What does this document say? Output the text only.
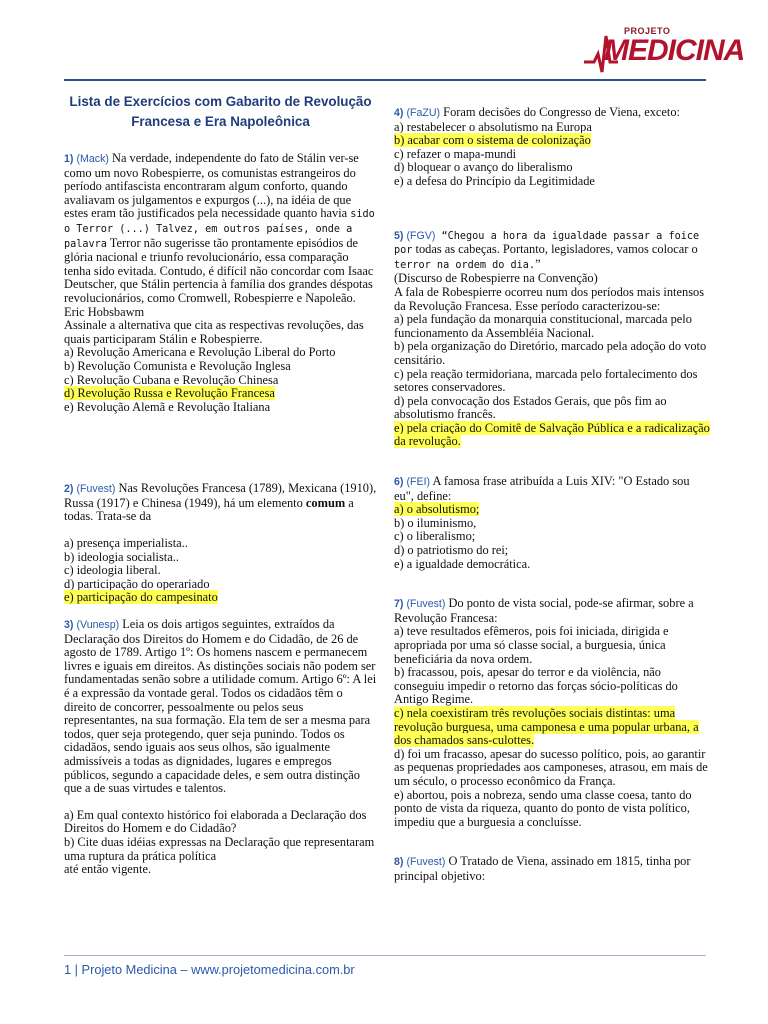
PROJETO
MEDICINA
Lista de Exercícios com Gabarito de Revolução Francesa e Era Napoleônica

1) (Mack) Na verdade, independente do fato de Stálin ver-se como um novo Robespierre, os comunistas estrangeiros do período antifascista encontraram algum conforto, quando avaliavam os julgamentos e expurgos (...), na idéia de que estes eram tão justificados pela necessidade quanto havia sido o Terror (...) Talvez, em outros países, onde a palavra Terror não sugerisse tão prontamente episódios de glória nacional e triunfo revolucionário, essa comparação tenha sido evitada. Contudo, é difícil não concordar com Isaac Deutscher, que Stálin pertencia à família dos grandes déspotas revolucionários, como Cromwell, Robespierre e Napoleão.

Eric Hobsbawm

Assinale a alternativa que cita as respectivas revoluções, das quais participaram Stálin e Robespierre.

a) Revolução Americana e Revolução Liberal do Porto

b) Revolução Comunista e Revolução Inglesa

c) Revolução Cubana e Revolução Chinesa

d) Revolução Russa e Revolução Francesa

e) Revolução Alemã e Revolução Italiana

2) (Fuvest) Nas Revoluções Francesa (1789), Mexicana (1910), Russa (1917) e Chinesa (1949), há um elemento comum a todas. Trata-se da

a) presença imperialista..

b) ideologia socialista..

c) ideologia liberal.

d) participação do operariado

e) participação do campesinato

3) (Vunesp) Leia os dois artigos seguintes, extraídos da Declaração dos Direitos do Homem e do Cidadão, de 26 de agosto de 1789. Artigo 1º: Os homens nascem e permanecem livres e iguais em direitos. As distinções sociais não podem ser fundamentadas senão sobre a utilidade comum. Artigo 6º: A lei é a expressão da vontade geral. Todos os cidadãos têm o direito de concorrer, pessoalmente ou pelos seus representantes, na sua formação. Ela tem de ser a mesma para todos, quer seja protegendo, quer seja punindo. Todos os cidadãos, sendo iguais aos seus olhos, são igualmente admissíveis a todas as dignidades, lugares e empregos públicos, segundo a capacidade deles, e sem outra distinção que a de suas virtudes e talentos.

a) Em qual contexto histórico foi elaborada a Declaração dos Direitos do Homem e do Cidadão?

b) Cite duas idéias expressas na Declaração que representaram uma ruptura da prática política

até então vigente.

4) (FaZU) Foram decisões do Congresso de Viena, exceto:

a) restabelecer o absolutismo na Europa

b) acabar com o sistema de colonização

c) refazer o mapa-mundi

d) bloquear o avanço do liberalismo

e) a defesa do Princípio da Legitimidade

5) (FGV) “Chegou a hora da igualdade passar a foice por todas as cabeças. Portanto, legisladores, vamos colocar o terror na ordem do dia.”

(Discurso de Robespierre na Convenção)

A fala de Robespierre ocorreu num dos períodos mais intensos da Revolução Francesa. Esse período caracterizou-se:

a) pela fundação da monarquia constitucional, marcada pelo funcionamento da Assembléia Nacional.

b) pela organização do Diretório, marcado pela adoção do voto censitário.

c) pela reação termidoriana, marcada pelo fortalecimento dos setores conservadores.

d) pela convocação dos Estados Gerais, que pôs fim ao absolutismo francês.

e) pela criação do Comitê de Salvação Pública e a radicalização da revolução.

6) (FEI) A famosa frase atribuída a Luis XIV: "O Estado sou eu", define:

a) o absolutismo;

b) o iluminismo,

c) o liberalismo;

d) o patriotismo do rei;

e) a igualdade democrática.

7) (Fuvest) Do ponto de vista social, pode-se afirmar, sobre a Revolução Francesa:

a) teve resultados efêmeros, pois foi iniciada, dirigida e apropriada por uma só classe social, a burguesia, única beneficiária da nova ordem.

b) fracassou, pois, apesar do terror e da violência, não conseguiu impedir o retorno das forças sócio-políticas do Antigo Regime.

c) nela coexistiram três revoluções sociais distintas: uma revolução burguesa, uma camponesa e uma popular urbana, a dos chamados sans-culottes.

d) foi um fracasso, apesar do sucesso político, pois, ao garantir as pequenas propriedades aos camponeses, atrasou, em mais de um século, o processo econômico da França.

e) abortou, pois a nobreza, sendo uma classe coesa, tanto do ponto de vista da riqueza, quanto do ponto de vista político, impediu que a burguesia a concluísse.

8) (Fuvest) O Tratado de Viena, assinado em 1815, tinha por principal objetivo:

1 | Projeto Medicina – www.projetomedicina.com.br
